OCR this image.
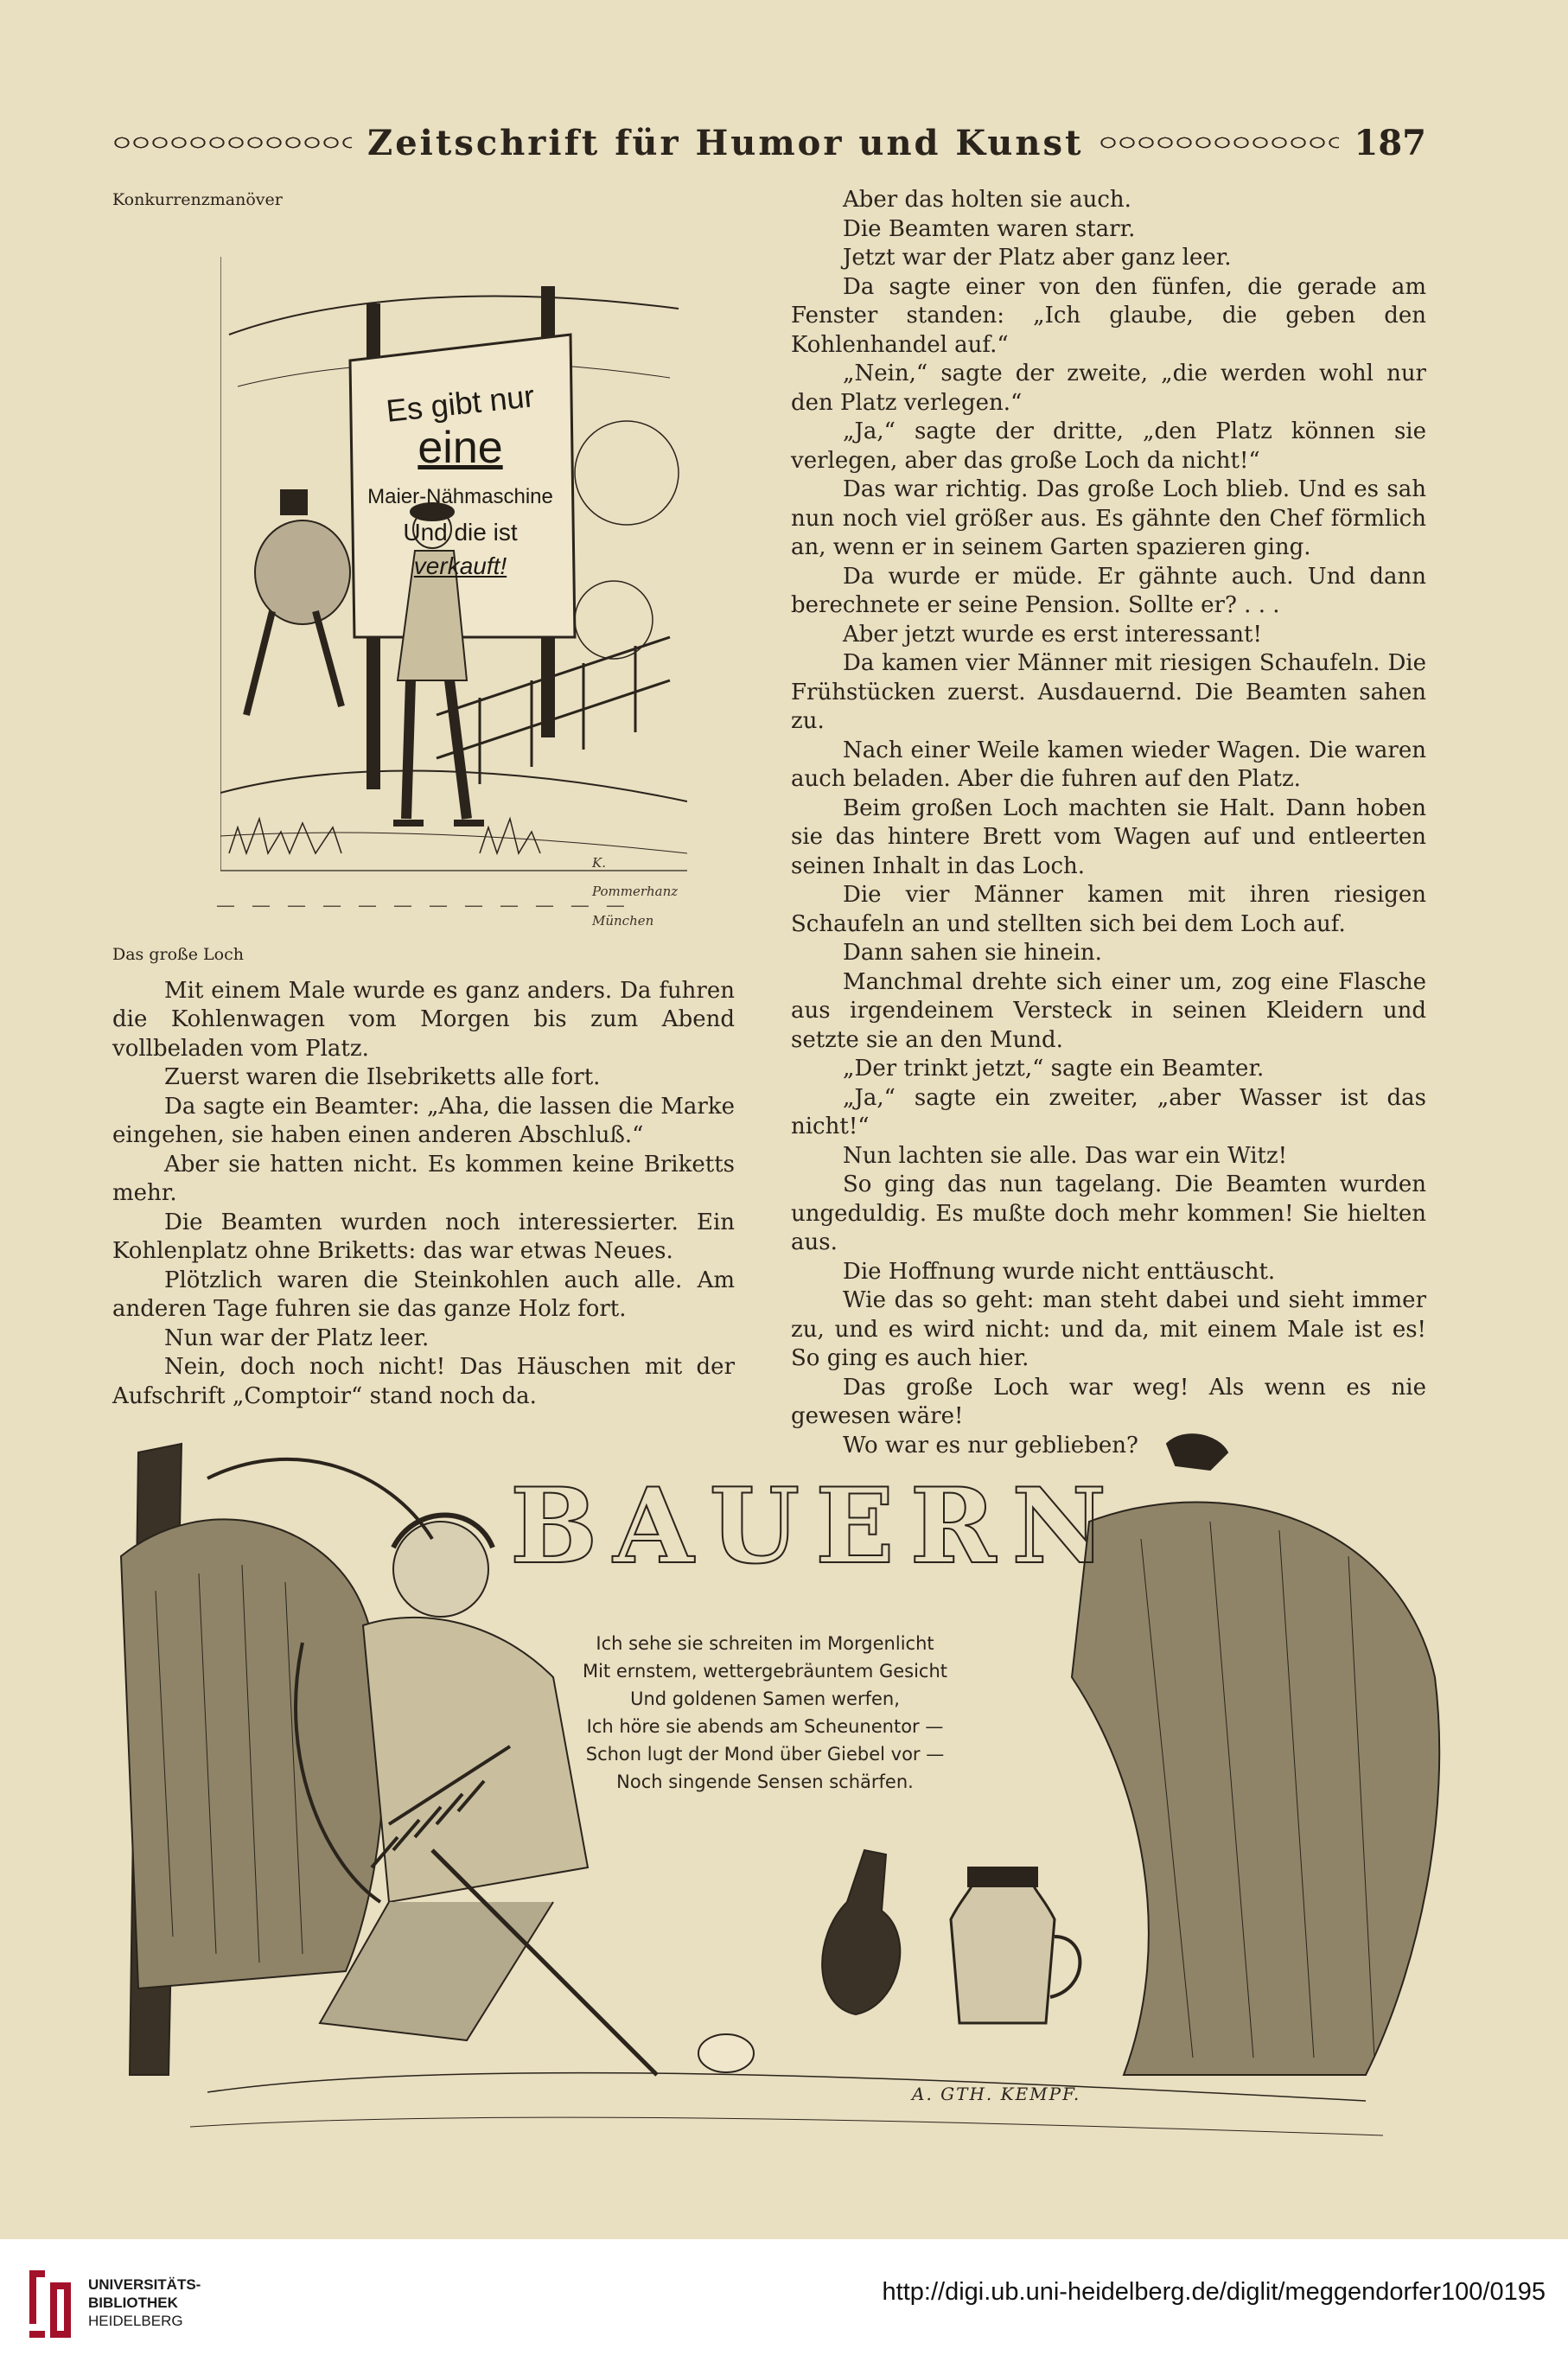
Zeitschrift für Humor und Kunst	187
Konkurrenzmanöver
Es gibt nur
eine
Maier-Nähmaschine
Und die ist
verkauft!
K. Pommerhanz München
— — — — — — — — — — — —
Das große Loch

Mit einem Male wurde es ganz anders. Da fuhren die Kohlenwagen vom Morgen bis zum Abend vollbeladen vom Platz.

Zuerst waren die Ilsebriketts alle fort.

Da sagte ein Beamter: „Aha, die lassen die Marke eingehen, sie haben einen anderen Abschluß.“

Aber sie hatten nicht. Es kommen keine Briketts mehr.

Die Beamten wurden noch interessierter. Ein Kohlenplatz ohne Briketts: das war etwas Neues.

Plötzlich waren die Steinkohlen auch alle. Am anderen Tage fuhren sie das ganze Holz fort.

Nun war der Platz leer.

Nein, doch noch nicht! Das Häuschen mit der Aufschrift „Comptoir“ stand noch da.

Aber das holten sie auch.

Die Beamten waren starr.

Jetzt war der Platz aber ganz leer.

Da sagte einer von den fünfen, die gerade am Fenster standen: „Ich glaube, die geben den Kohlenhandel auf.“

„Nein,“ sagte der zweite, „die werden wohl nur den Platz verlegen.“

„Ja,“ sagte der dritte, „den Platz können sie verlegen, aber das große Loch da nicht!“

Das war richtig. Das große Loch blieb. Und es sah nun noch viel größer aus. Es gähnte den Chef förmlich an, wenn er in seinem Garten spazieren ging.

Da wurde er müde. Er gähnte auch. Und dann berechnete er seine Pension. Sollte er? . . .

Aber jetzt wurde es erst interessant!

Da kamen vier Männer mit riesigen Schaufeln. Die Frühstücken zuerst. Ausdauernd. Die Beamten sahen zu.

Nach einer Weile kamen wieder Wagen. Die waren auch beladen. Aber die fuhren auf den Platz.

Beim großen Loch machten sie Halt. Dann hoben sie das hintere Brett vom Wagen auf und entleerten seinen Inhalt in das Loch.

Die vier Männer kamen mit ihren riesigen Schaufeln an und stellten sich bei dem Loch auf.

Dann sahen sie hinein.

Manchmal drehte sich einer um, zog eine Flasche aus irgendeinem Versteck in seinen Kleidern und setzte sie an den Mund.

„Der trinkt jetzt,“ sagte ein Beamter.

„Ja,“ sagte ein zweiter, „aber Wasser ist das nicht!“

Nun lachten sie alle. Das war ein Witz!

So ging das nun tagelang. Die Beamten wurden ungeduldig. Es mußte doch mehr kommen! Sie hielten aus.

Die Hoffnung wurde nicht enttäuscht.

Wie das so geht: man steht dabei und sieht immer zu, und es wird nicht: und da, mit einem Male ist es! So ging es auch hier.

Das große Loch war weg! Als wenn es nie gewesen wäre!

Wo war es nur geblieben?

BAUERN
Ich sehe sie schreiten im Morgenlicht
Mit ernstem, wettergebräuntem Gesicht
Und goldenen Samen werfen,
Ich höre sie abends am Scheunentor —
Schon lugt der Mond über Giebel vor —
Noch singende Sensen schärfen.
A. GTH. KEMPF.
UNIVERSITÄTS-
BIBLIOTHEK
HEIDELBERG
http://digi.ub.uni-heidelberg.de/diglit/meggendorfer100/0195
